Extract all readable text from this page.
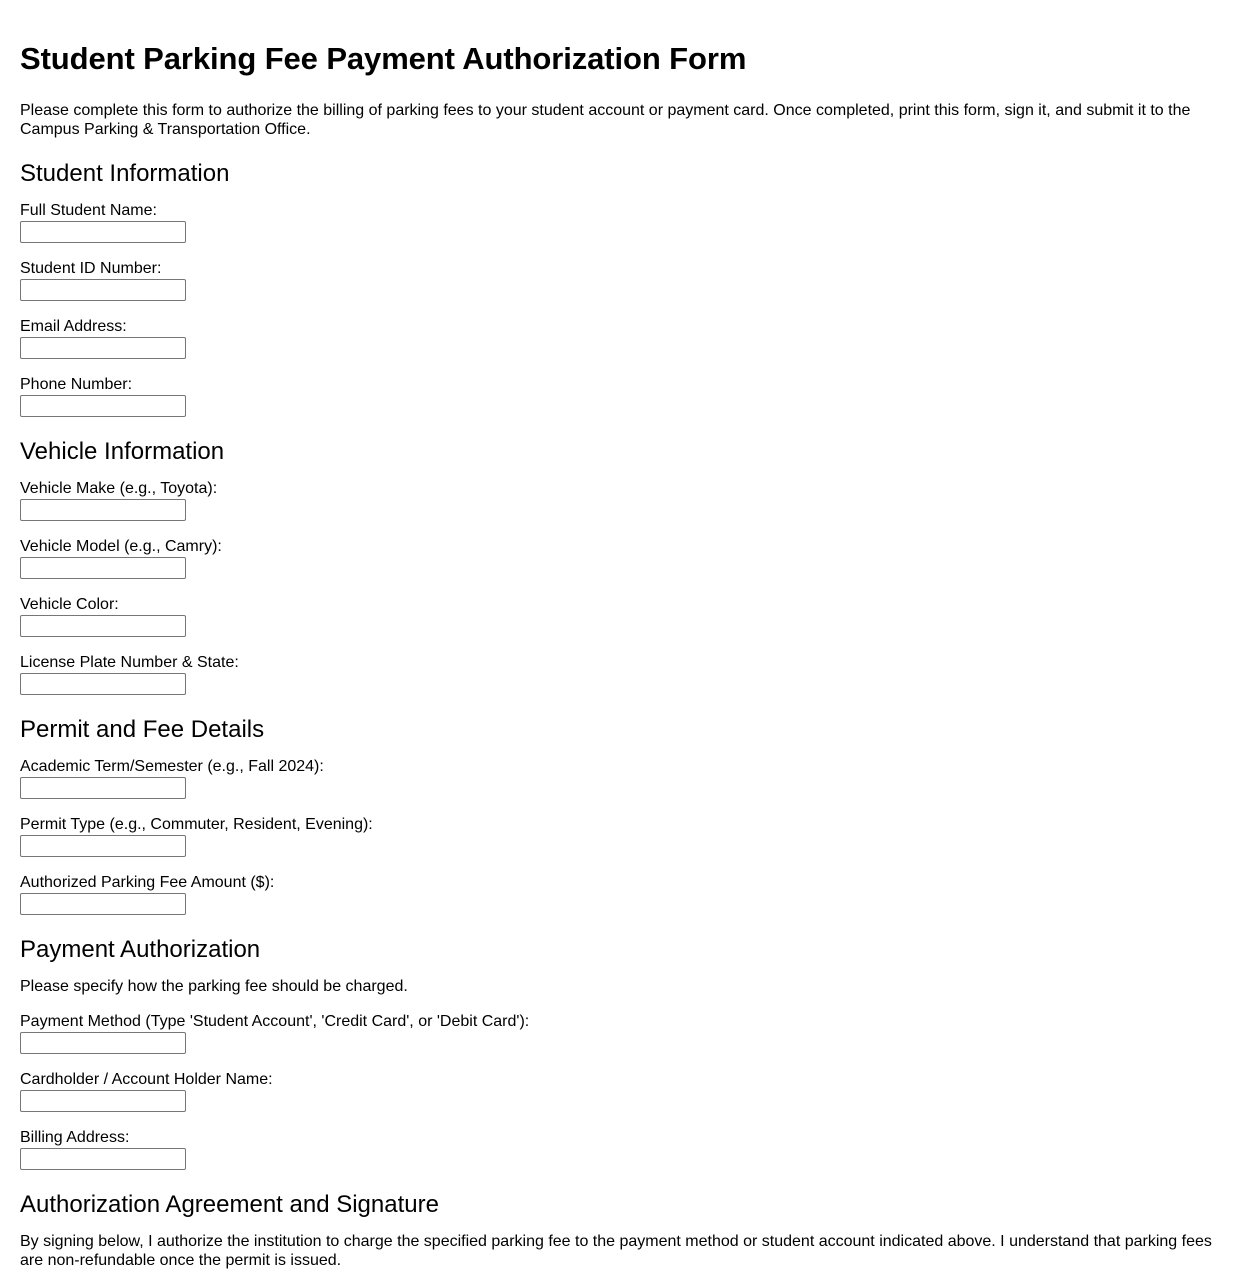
Student Parking Fee Payment Authorization Form

Please complete this form to authorize the billing of parking fees to your student account or payment card. Once completed, print this form, sign it, and submit it to the Campus Parking & Transportation Office.

Student Information
Full Student Name:
Student ID Number:
Email Address:
Phone Number:
Vehicle Information
Vehicle Make (e.g., Toyota):
Vehicle Model (e.g., Camry):
Vehicle Color:
License Plate Number & State:
Permit and Fee Details
Academic Term/Semester (e.g., Fall 2024):
Permit Type (e.g., Commuter, Resident, Evening):
Authorized Parking Fee Amount ($):
Payment Authorization

Please specify how the parking fee should be charged.

Payment Method (Type 'Student Account', 'Credit Card', or 'Debit Card'):
Cardholder / Account Holder Name:
Billing Address:
Authorization Agreement and Signature

By signing below, I authorize the institution to charge the specified parking fee to the payment method or student account indicated above. I understand that parking fees are non-refundable once the permit is issued.
